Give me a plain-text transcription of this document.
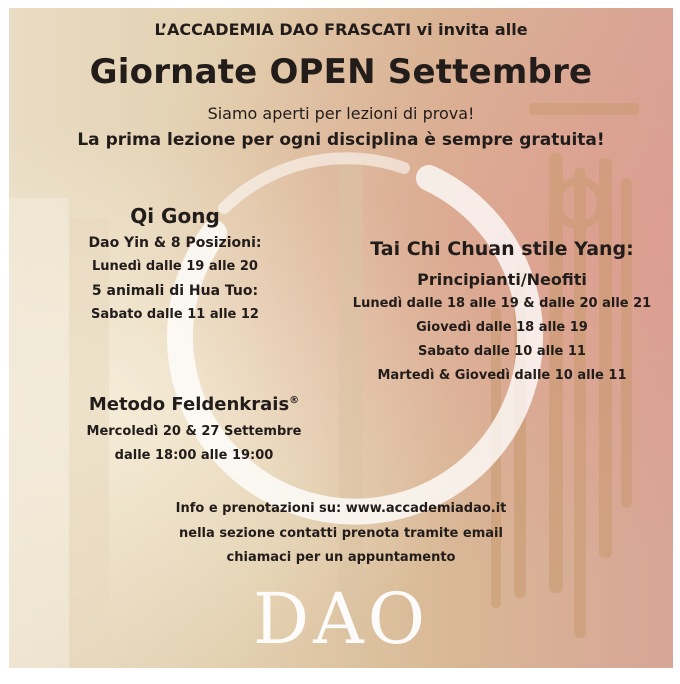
L’ACCADEMIA DAO FRASCATI vi invita alle
Giornate OPEN Settembre
Siamo aperti per lezioni di prova!
La prima lezione per ogni disciplina è sempre gratuita!
Qi Gong
Dao Yin & 8 Posizioni:
Lunedì dalle 19 alle 20
5 animali di Hua Tuo:
Sabato dalle 11 alle 12
Tai Chi Chuan stile Yang:
Principianti/Neofiti
Lunedì dalle 18 alle 19 & dalle 20 alle 21
Giovedì dalle 18 alle 19
Sabato dalle 10 alle 11
Martedì & Giovedì dalle 10 alle 11
Metodo Feldenkrais®
Mercoledì 20 & 27 Settembre
dalle 18:00 alle 19:00
Info e prenotazioni su: www.accademiadao.it
nella sezione contatti prenota tramite email
chiamaci per un appuntamento
DAO
